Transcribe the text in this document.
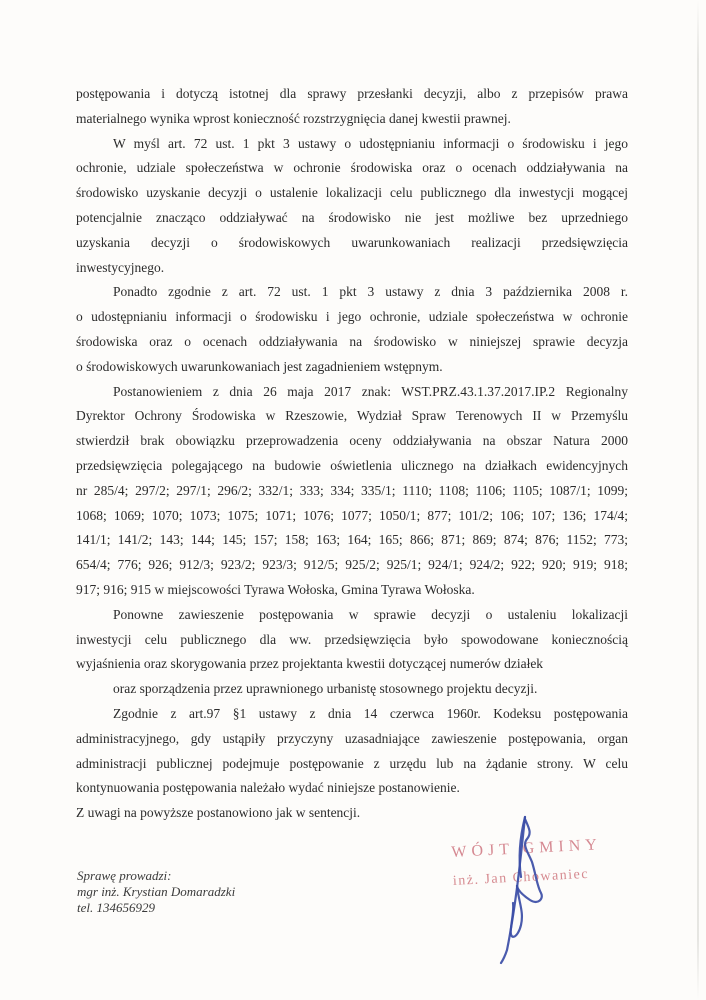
postępowania i dotyczą istotnej dla sprawy przesłanki decyzji, albo z przepisów prawa
materialnego wynika wprost konieczność rozstrzygnięcia danej kwestii prawnej.
W myśl art. 72 ust. 1 pkt 3 ustawy o udostępnianiu informacji o środowisku i jego
ochronie, udziale społeczeństwa w ochronie środowiska oraz o ocenach oddziaływania na
środowisko uzyskanie decyzji o ustalenie lokalizacji celu publicznego dla inwestycji mogącej
potencjalnie znacząco oddziaływać na środowisko nie jest możliwe bez uprzedniego
uzyskania decyzji o środowiskowych uwarunkowaniach realizacji przedsięwzięcia
inwestycyjnego.
Ponadto zgodnie z art. 72 ust. 1 pkt 3 ustawy z dnia 3 października 2008 r.
o udostępnianiu informacji o środowisku i jego ochronie, udziale społeczeństwa w ochronie
środowiska oraz o ocenach oddziaływania na środowisko w niniejszej sprawie decyzja
o środowiskowych uwarunkowaniach jest zagadnieniem wstępnym.
Postanowieniem z dnia 26 maja 2017 znak: WST.PRZ.43.1.37.2017.IP.2 Regionalny
Dyrektor Ochrony Środowiska w Rzeszowie, Wydział Spraw Terenowych II w Przemyślu
stwierdził brak obowiązku przeprowadzenia oceny oddziaływania na obszar Natura 2000
przedsięwzięcia polegającego na budowie oświetlenia ulicznego na działkach ewidencyjnych
nr 285/4; 297/2; 297/1; 296/2; 332/1; 333; 334; 335/1; 1110; 1108; 1106; 1105; 1087/1; 1099;
1068; 1069; 1070; 1073; 1075; 1071; 1076; 1077; 1050/1; 877; 101/2; 106; 107; 136; 174/4;
141/1; 141/2; 143; 144; 145; 157; 158; 163; 164; 165; 866; 871; 869; 874; 876; 1152; 773;
654/4; 776; 926; 912/3; 923/2; 923/3; 912/5; 925/2; 925/1; 924/1; 924/2; 922; 920; 919; 918;
917; 916; 915 w miejscowości Tyrawa Wołoska, Gmina Tyrawa Wołoska.
Ponowne zawieszenie postępowania w sprawie decyzji o ustaleniu lokalizacji
inwestycji celu publicznego dla ww. przedsięwzięcia było spowodowane koniecznością
wyjaśnienia oraz skorygowania przez projektanta kwestii dotyczącej numerów działek
oraz sporządzenia przez uprawnionego urbanistę stosownego projektu decyzji.
Zgodnie z art.97 §1 ustawy z dnia 14 czerwca 1960r. Kodeksu postępowania
administracyjnego, gdy ustąpiły przyczyny uzasadniające zawieszenie postępowania, organ
administracji publicznej podejmuje postępowanie z urzędu lub na żądanie strony. W celu
kontynuowania postępowania należało wydać niniejsze postanowienie.
Z uwagi na powyższe postanowiono jak w sentencji.
Sprawę prowadzi:
mgr inż. Krystian Domaradzki
tel. 134656929
WÓJT GMINY
inż. Jan Chowaniec
